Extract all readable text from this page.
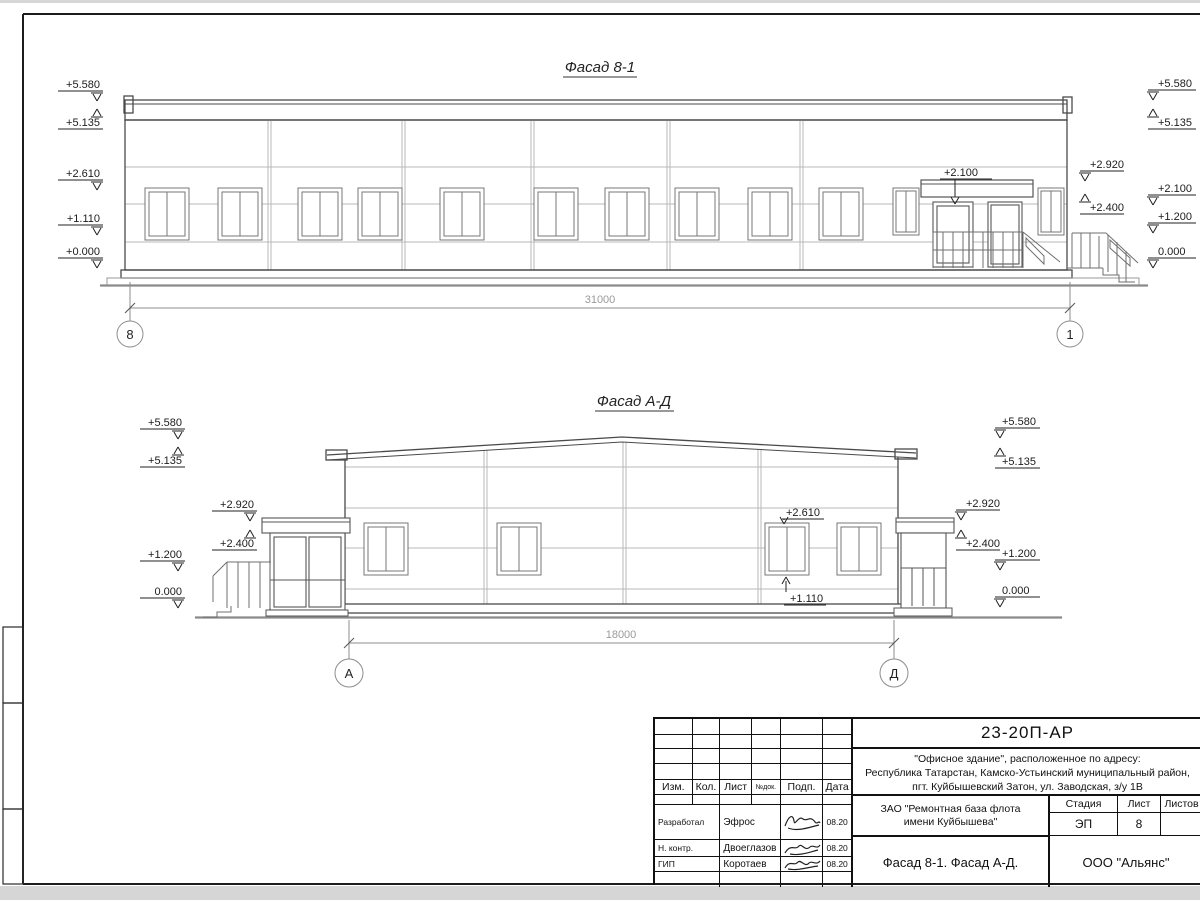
Фасад 8-1
+5.580
+5.135
+2.610
+1.110
+0.000
+2.920
+2.400
+5.580
+5.135
+2.100
+1.200
0.000
+2.100
31000
8	1
Фасад А-Д
+5.580
+5.135
+1.200
0.000
+2.920
+2.400
+2.920
+2.400
+5.580
+5.135
+1.200
0.000
+2.610
+1.110
18000
А	Д
Изм.	Кол. Лист	№док.	Подп. Дата
Разработал	Эфрос	08.20
Н. контр.	Двоеглазов	08.20
ГИП	Коротаев	08.20
23-20П-АР
"Офисное здание", расположенное по адресу:
Республика Татарстан, Камско-Устьинский муниципальный район,
пгт. Куйбышевский Затон, ул. Заводская, з/у 1В
ЗАО "Ремонтная база флота
имени Куйбышева"
Фасад 8-1. Фасад А-Д.
Стадия	Лист	Листов
ЭП	8
ООО "Альянс"
